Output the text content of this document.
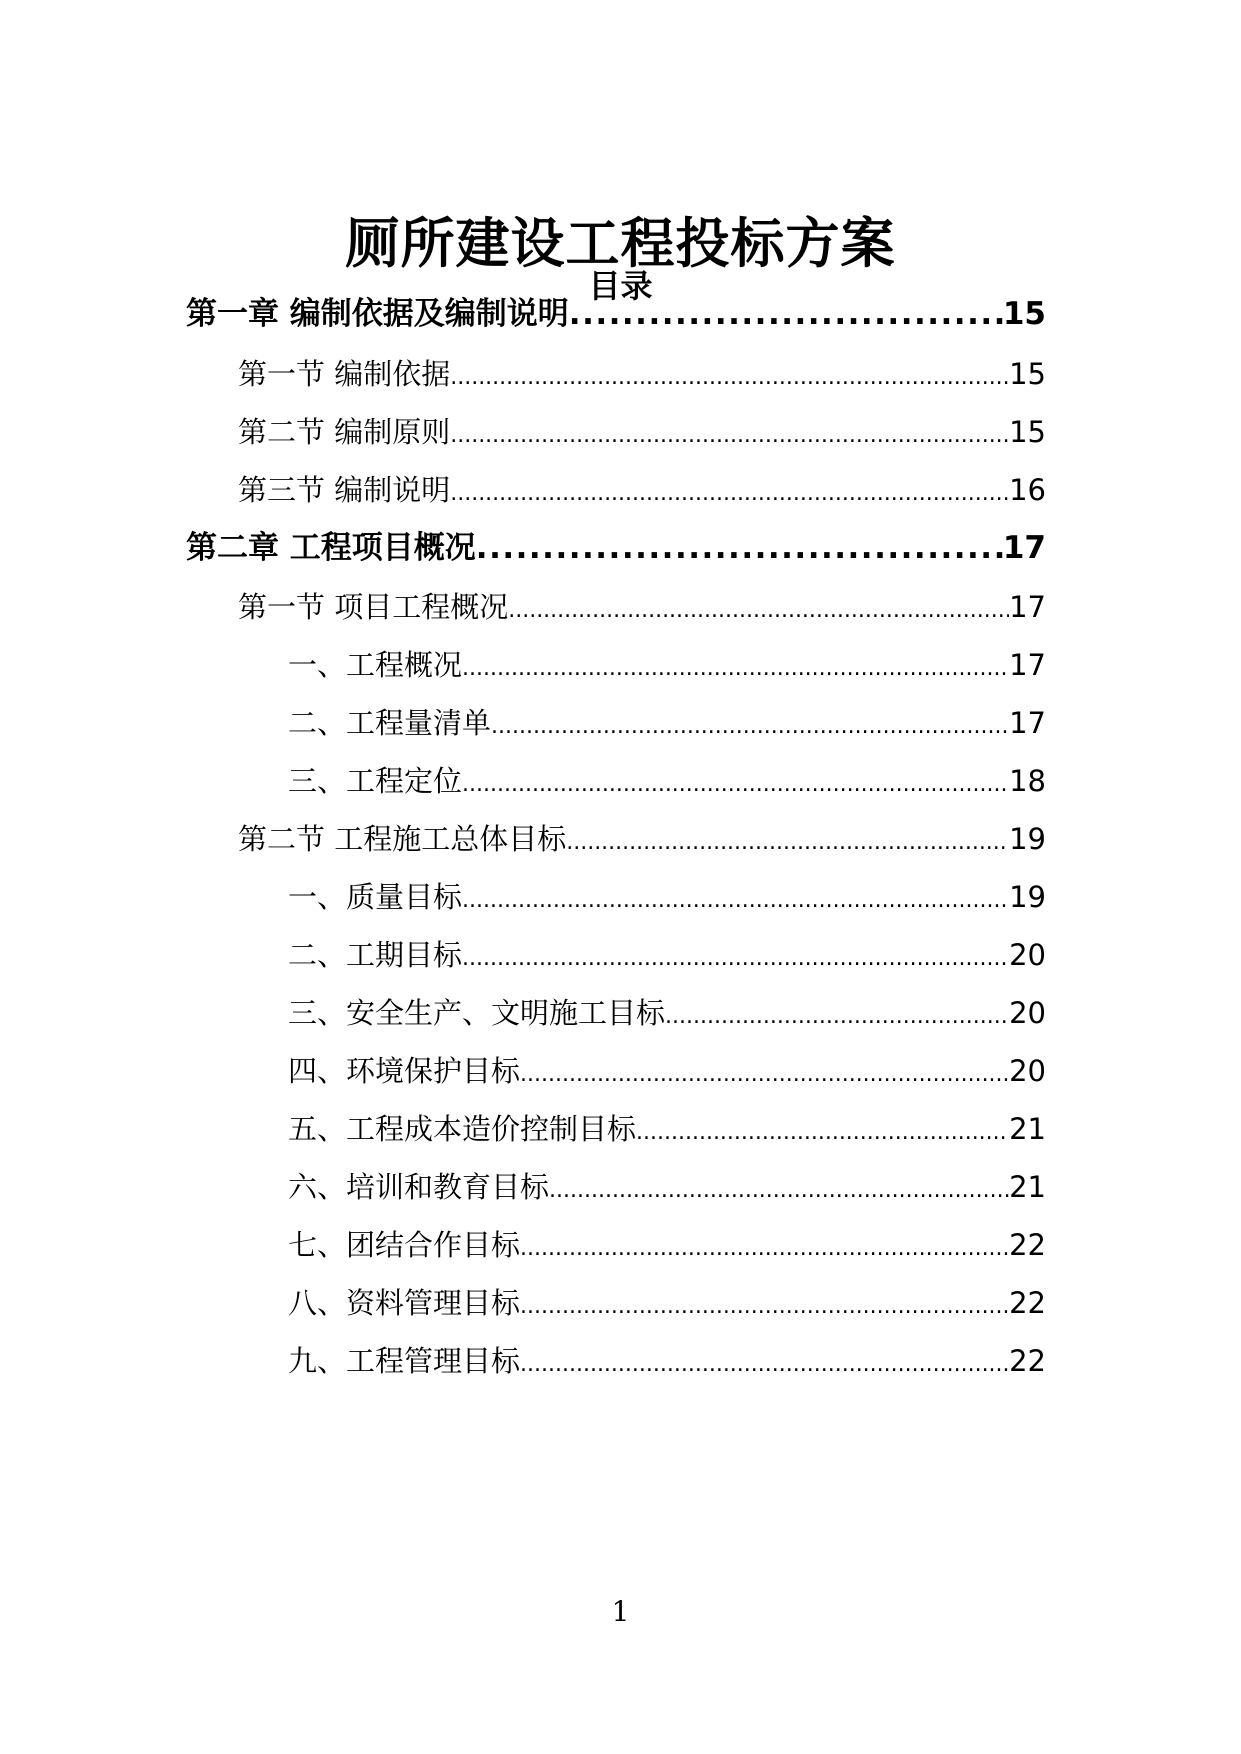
厕所建设工程投标方案
目录
第一章 编制依据及编制说明 .....	15
第一节 编制依据 .....	15
第二节 编制原则 .....	15
第三节 编制说明 .....	16
第二章 工程项目概况 .....	17
第一节 项目工程概况 .....	17
一、工程概况 .....	17
二、工程量清单 .....	17
三、工程定位 .....	18
第二节 工程施工总体目标 .....	19
一、质量目标 .....	19
二、工期目标 .....	20
三、安全生产、文明施工目标 .....	20
四、环境保护目标 .....	20
五、工程成本造价控制目标 .....	21
六、培训和教育目标 .....	21
七、团结合作目标 .....	22
八、资料管理目标 .....	22
九、工程管理目标 .....	22
1
